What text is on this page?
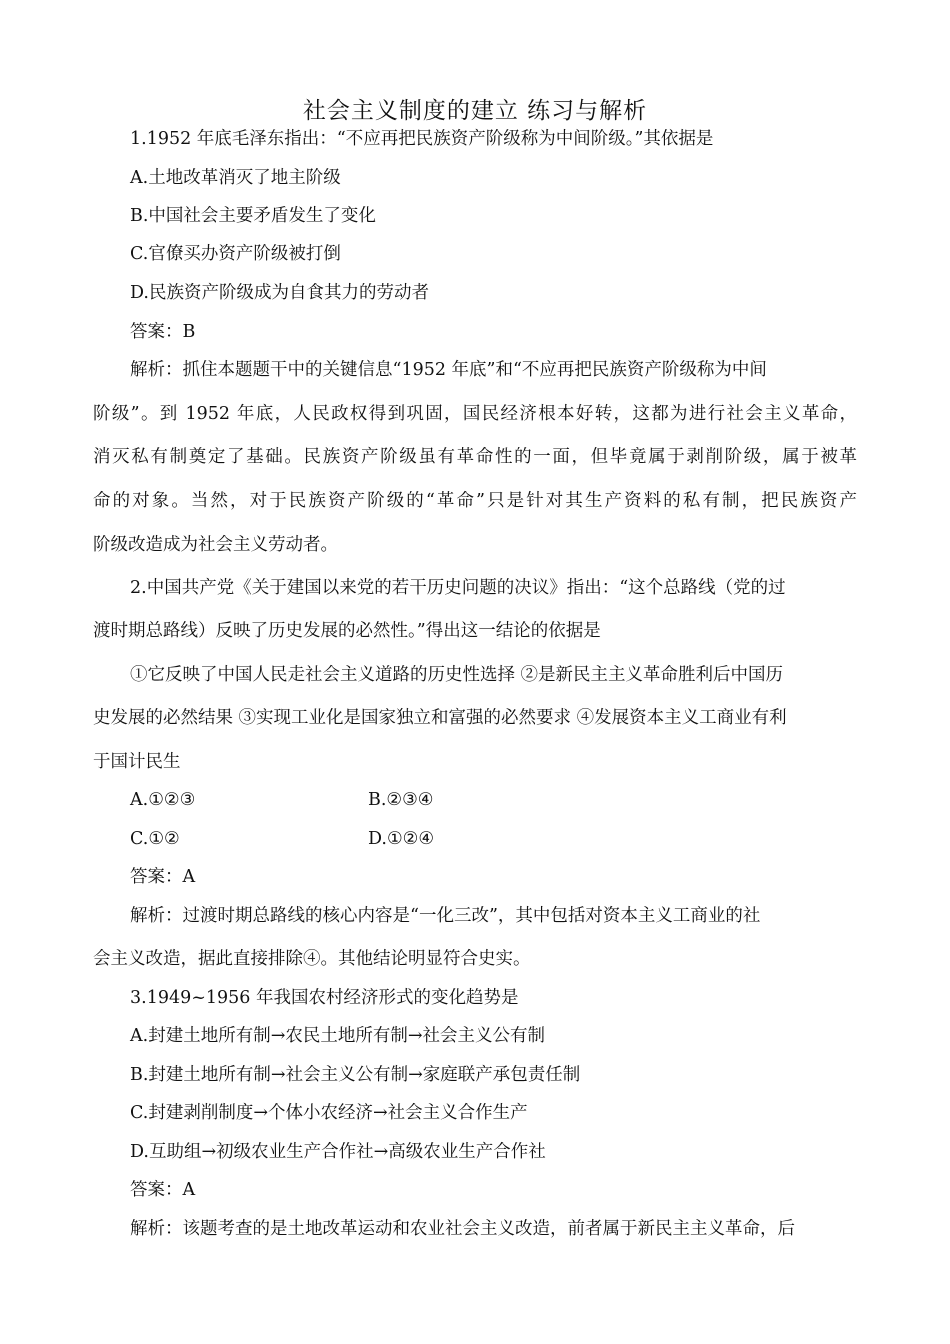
社会主义制度的建立 练习与解析
1.1952 年底毛泽东指出：“不应再把民族资产阶级称为中间阶级。”其依据是
A.土地改革消灭了地主阶级
B.中国社会主要矛盾发生了变化
C.官僚买办资产阶级被打倒
D.民族资产阶级成为自食其力的劳动者
答案：B
解析：抓住本题题干中的关键信息“1952 年底”和“不应再把民族资产阶级称为中间
阶级”。到 1952 年底，人民政权得到巩固，国民经济根本好转，这都为进行社会主义革命，
消灭私有制奠定了基础。民族资产阶级虽有革命性的一面，但毕竟属于剥削阶级，属于被革
命的对象。当然，对于民族资产阶级的“革命”只是针对其生产资料的私有制，把民族资产
阶级改造成为社会主义劳动者。
2.中国共产党《关于建国以来党的若干历史问题的决议》指出：“这个总路线（党的过
渡时期总路线）反映了历史发展的必然性。”得出这一结论的依据是
①它反映了中国人民走社会主义道路的历史性选择 ②是新民主主义革命胜利后中国历
史发展的必然结果 ③实现工业化是国家独立和富强的必然要求 ④发展资本主义工商业有利
于国计民生
A.①②③	B.②③④
C.①②	D.①②④
答案：A
解析：过渡时期总路线的核心内容是“一化三改”，其中包括对资本主义工商业的社
会主义改造，据此直接排除④。其他结论明显符合史实。
3.1949~1956 年我国农村经济形式的变化趋势是
A.封建土地所有制→农民土地所有制→社会主义公有制
B.封建土地所有制→社会主义公有制→家庭联产承包责任制
C.封建剥削制度→个体小农经济→社会主义合作生产
D.互助组→初级农业生产合作社→高级农业生产合作社
答案：A
解析：该题考查的是土地改革运动和农业社会主义改造，前者属于新民主主义革命，后
